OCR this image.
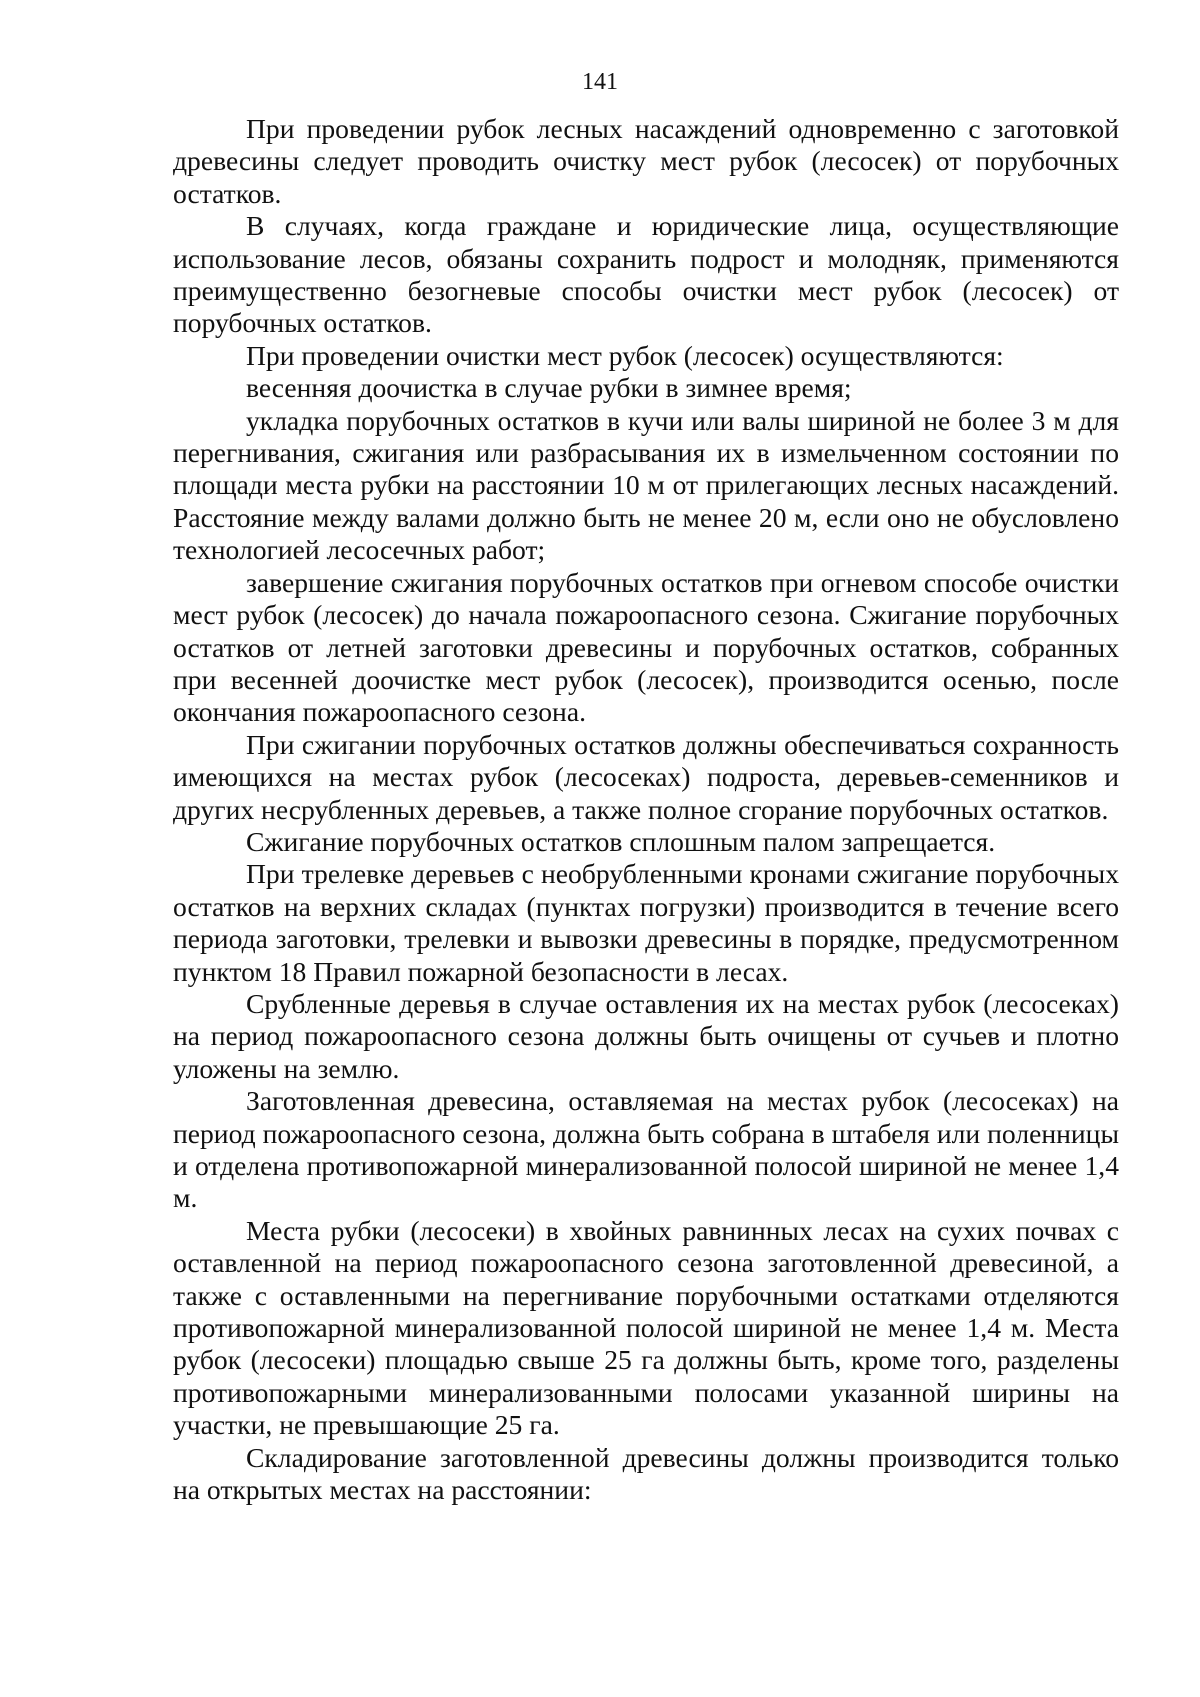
141

При проведении рубок лесных насаждений одновременно с заготовкой древесины следует проводить очистку мест рубок (лесосек) от порубочных остатков.

В случаях, когда граждане и юридические лица, осуществляющие использование лесов, обязаны сохранить подрост и молодняк, применяются преимущественно безогневые способы очистки мест рубок (лесосек) от порубочных остатков.

При проведении очистки мест рубок (лесосек) осуществляются:

весенняя доочистка в случае рубки в зимнее время;

укладка порубочных остатков в кучи или валы шириной не более 3 м для перегнивания, сжигания или разбрасывания их в измельченном состоянии по площади места рубки на расстоянии 10 м от прилегающих лесных насаждений. Расстояние между валами должно быть не менее 20 м, если оно не обусловлено технологией лесосечных работ;

завершение сжигания порубочных остатков при огневом способе очистки мест рубок (лесосек) до начала пожароопасного сезона. Сжигание порубочных остатков от летней заготовки древесины и порубочных остатков, собранных при весенней доочистке мест рубок (лесосек), производится осенью, после окончания пожароопасного сезона.

При сжигании порубочных остатков должны обеспечиваться сохранность имеющихся на местах рубок (лесосеках) подроста, деревьев-семенников и других несрубленных деревьев, а также полное сгорание порубочных остатков.

Сжигание порубочных остатков сплошным палом запрещается.

При трелевке деревьев с необрубленными кронами сжигание порубочных остатков на верхних складах (пунктах погрузки) производится в течение всего периода заготовки, трелевки и вывозки древесины в порядке, предусмотренном пунктом 18 Правил пожарной безопасности в лесах.

Срубленные деревья в случае оставления их на местах рубок (лесосеках) на период пожароопасного сезона должны быть очищены от сучьев и плотно уложены на землю.

Заготовленная древесина, оставляемая на местах рубок (лесосеках) на период пожароопасного сезона, должна быть собрана в штабеля или поленницы и отделена противопожарной минерализованной полосой шириной не менее 1,4 м.

Места рубки (лесосеки) в хвойных равнинных лесах на сухих почвах с оставленной на период пожароопасного сезона заготовленной древесиной, а также с оставленными на перегнивание порубочными остатками отделяются противопожарной минерализованной полосой шириной не менее 1,4 м. Места рубок (лесосеки) площадью свыше 25 га должны быть, кроме того, разделены противопожарными минерализованными полосами указанной ширины на участки, не превышающие 25 га.

Складирование заготовленной древесины должны производится только на открытых местах на расстоянии:
